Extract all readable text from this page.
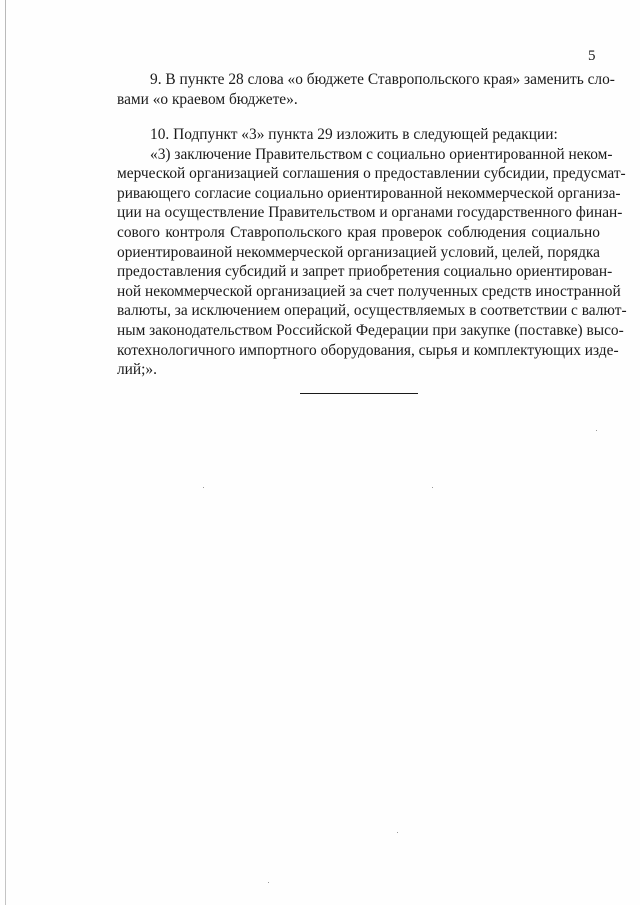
5
9. В пункте 28 слова «о бюджете Ставропольского края» заменить сло-
вами «о краевом бюджете».
10. Подпункт «3» пункта 29 изложить в следующей редакции:
«3) заключение Правительством с социально ориентированной неком-
мерческой организацией соглашения о предоставлении субсидии, предусмат-
ривающего согласие социально ориентированной некоммерческой организа-
ции на осуществление Правительством и органами государственного финан-
сового контроля Ставропольского края проверок соблюдения социально
ориентироваиной некоммерческой организацией условий, целей, порядка
предоставления субсидий и запрет приобретения социально ориентирован-
ной некоммерческой организацией за счет полученных средств иностранной
валюты, за исключением операций, осуществляемых в соответствии с валют-
ным законодательством Российской Федерации при закупке (поставке) высо-
котехнологичного импортного оборудования, сырья и комплектующих изде-
лий;».
